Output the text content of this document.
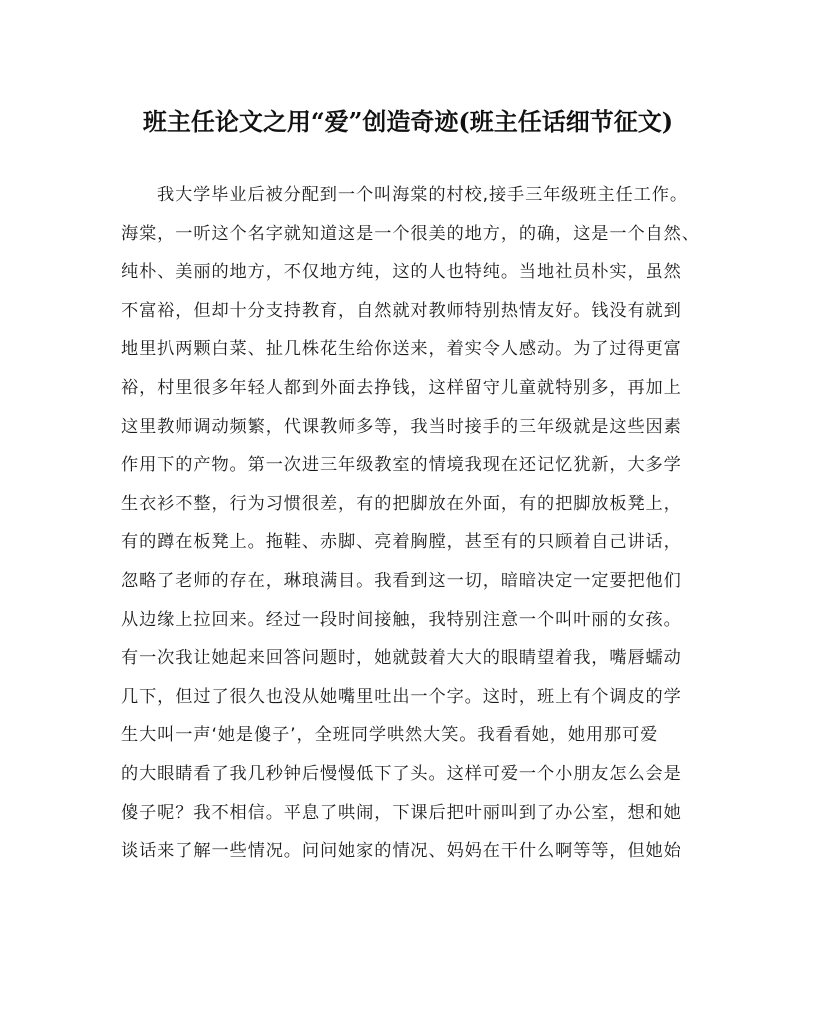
班主任论文之用“爱”创造奇迹(班主任话细节征文)
我大学毕业后被分配到一个叫海棠的村校,接手三年级班主任工作。
海棠，一听这个名字就知道这是一个很美的地方，的确，这是一个自然、
纯朴、美丽的地方，不仅地方纯，这的人也特纯。当地社员朴实，虽然
不富裕，但却十分支持教育，自然就对教师特别热情友好。钱没有就到
地里扒两颗白菜、扯几株花生给你送来，着实令人感动。为了过得更富
裕，村里很多年轻人都到外面去挣钱，这样留守儿童就特别多，再加上
这里教师调动频繁，代课教师多等，我当时接手的三年级就是这些因素
作用下的产物。第一次进三年级教室的情境我现在还记忆犹新，大多学
生衣衫不整，行为习惯很差，有的把脚放在外面，有的把脚放板凳上，
有的蹲在板凳上。拖鞋、赤脚、亮着胸膛，甚至有的只顾着自己讲话，
忽略了老师的存在，琳琅满目。我看到这一切，暗暗决定一定要把他们
从边缘上拉回来。经过一段时间接触，我特别注意一个叫叶丽的女孩。
有一次我让她起来回答问题时，她就鼓着大大的眼睛望着我，嘴唇蠕动
几下，但过了很久也没从她嘴里吐出一个字。这时，班上有个调皮的学
生大叫一声‘她是傻子’，全班同学哄然大笑。我看看她，她用那可爱
的大眼睛看了我几秒钟后慢慢低下了头。这样可爱一个小朋友怎么会是
傻子呢？我不相信。平息了哄闹，下课后把叶丽叫到了办公室，想和她
谈话来了解一些情况。问问她家的情况、妈妈在干什么啊等等，但她始
